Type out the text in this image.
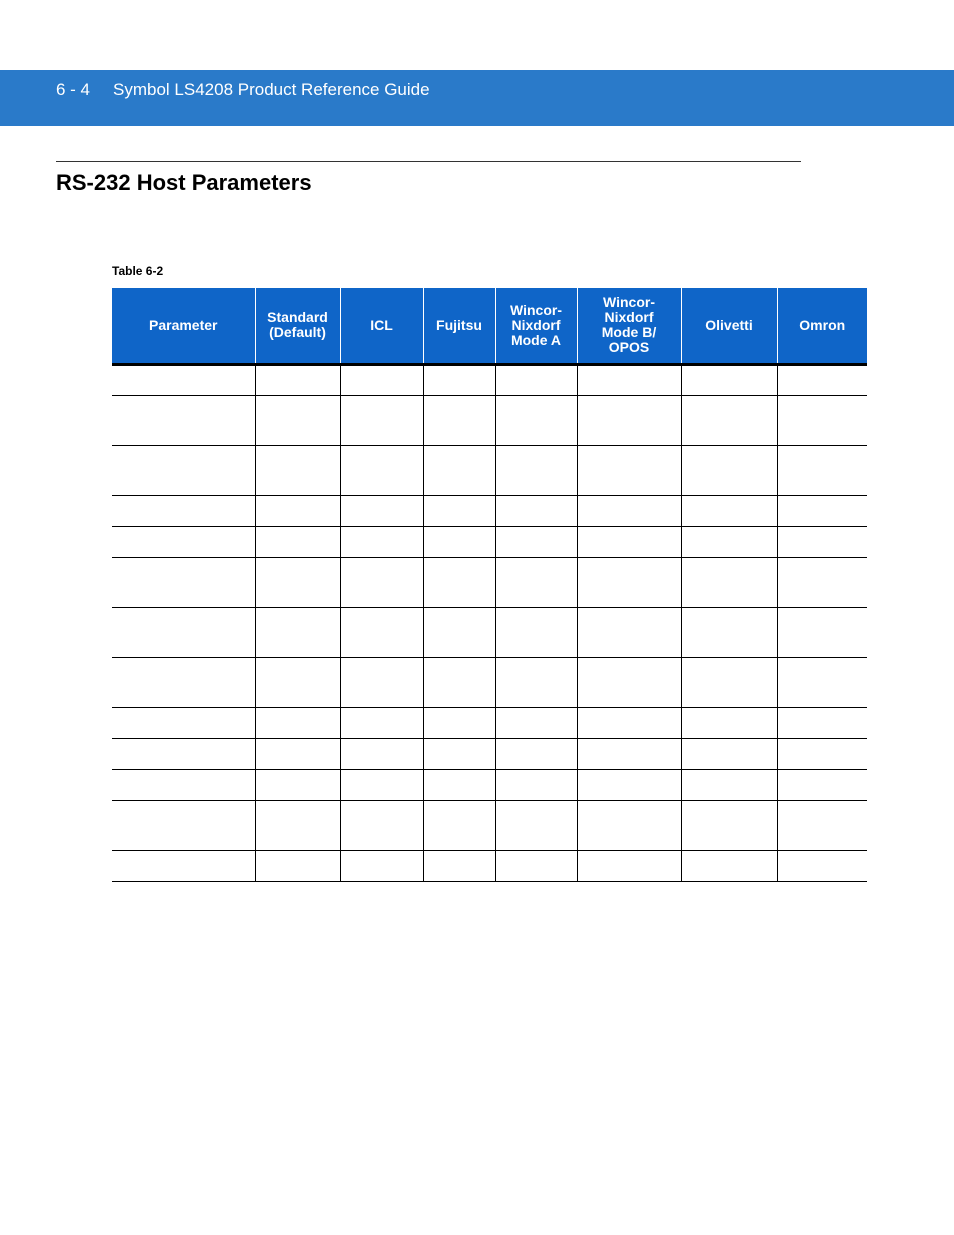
6 - 4 Symbol LS4208 Product Reference Guide
RS-232 Host Parameters
Table 6-2
Parameter	Standard (Default)	ICL	Fujitsu	Wincor-Nixdorf Mode A	Wincor-Nixdorf Mode B/ OPOS	Olivetti	Omron
